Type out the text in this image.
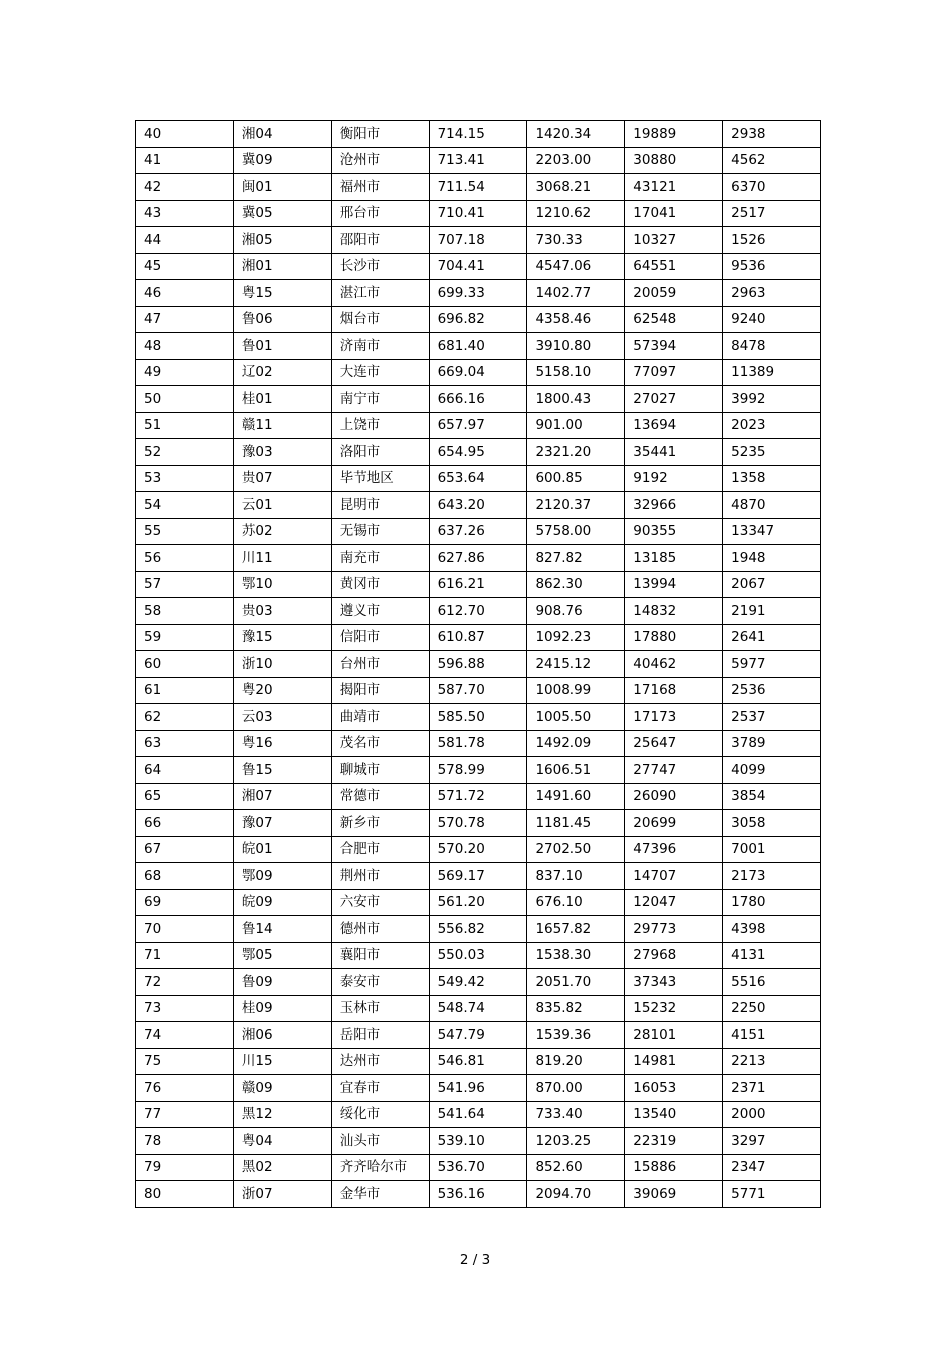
40	湘04	衡阳市	714.15	1420.34	19889	2938
41	冀09	沧州市	713.41	2203.00	30880	4562
42	闽01	福州市	711.54	3068.21	43121	6370
43	冀05	邢台市	710.41	1210.62	17041	2517
44	湘05	邵阳市	707.18	730.33	10327	1526
45	湘01	长沙市	704.41	4547.06	64551	9536
46	粤15	湛江市	699.33	1402.77	20059	2963
47	鲁06	烟台市	696.82	4358.46	62548	9240
48	鲁01	济南市	681.40	3910.80	57394	8478
49	辽02	大连市	669.04	5158.10	77097	11389
50	桂01	南宁市	666.16	1800.43	27027	3992
51	赣11	上饶市	657.97	901.00	13694	2023
52	豫03	洛阳市	654.95	2321.20	35441	5235
53	贵07	毕节地区	653.64	600.85	9192	1358
54	云01	昆明市	643.20	2120.37	32966	4870
55	苏02	无锡市	637.26	5758.00	90355	13347
56	川11	南充市	627.86	827.82	13185	1948
57	鄂10	黄冈市	616.21	862.30	13994	2067
58	贵03	遵义市	612.70	908.76	14832	2191
59	豫15	信阳市	610.87	1092.23	17880	2641
60	浙10	台州市	596.88	2415.12	40462	5977
61	粤20	揭阳市	587.70	1008.99	17168	2536
62	云03	曲靖市	585.50	1005.50	17173	2537
63	粤16	茂名市	581.78	1492.09	25647	3789
64	鲁15	聊城市	578.99	1606.51	27747	4099
65	湘07	常德市	571.72	1491.60	26090	3854
66	豫07	新乡市	570.78	1181.45	20699	3058
67	皖01	合肥市	570.20	2702.50	47396	7001
68	鄂09	荆州市	569.17	837.10	14707	2173
69	皖09	六安市	561.20	676.10	12047	1780
70	鲁14	德州市	556.82	1657.82	29773	4398
71	鄂05	襄阳市	550.03	1538.30	27968	4131
72	鲁09	泰安市	549.42	2051.70	37343	5516
73	桂09	玉林市	548.74	835.82	15232	2250
74	湘06	岳阳市	547.79	1539.36	28101	4151
75	川15	达州市	546.81	819.20	14981	2213
76	赣09	宜春市	541.96	870.00	16053	2371
77	黑12	绥化市	541.64	733.40	13540	2000
78	粤04	汕头市	539.10	1203.25	22319	3297
79	黑02	齐齐哈尔市	536.70	852.60	15886	2347
80	浙07	金华市	536.16	2094.70	39069	5771
2 / 3
